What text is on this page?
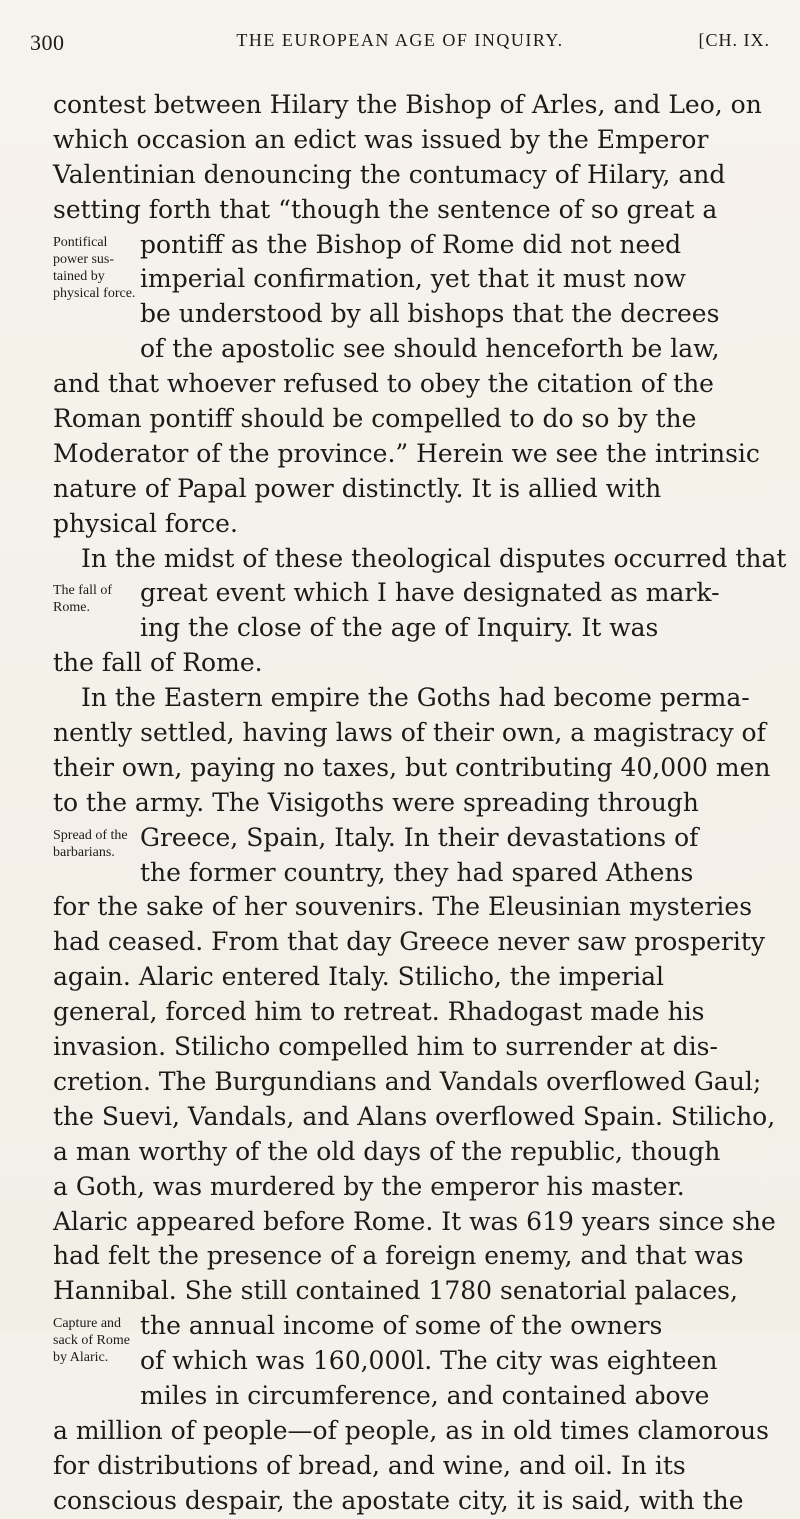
300	THE EUROPEAN AGE OF INQUIRY.	[CH. IX.
contest between Hilary the Bishop of Arles, and Leo, on
which occasion an edict was issued by the Emperor
Valentinian denouncing the contumacy of Hilary, and
setting forth that “though the sentence of so great a
Pontifical
power sus-
tained by
physical force.
pontiff as the Bishop of Rome did not need
imperial confirmation, yet that it must now
be understood by all bishops that the decrees
of the apostolic see should henceforth be law,
and that whoever refused to obey the citation of the
Roman pontiff should be compelled to do so by the
Moderator of the province.” Herein we see the intrinsic
nature of Papal power distinctly. It is allied with
physical force.
In the midst of these theological disputes occurred that
The fall of
Rome.
great event which I have designated as mark-
ing the close of the age of Inquiry. It was
the fall of Rome.
In the Eastern empire the Goths had become perma-
nently settled, having laws of their own, a magistracy of
their own, paying no taxes, but contributing 40,000 men
to the army. The Visigoths were spreading through
Spread of the
barbarians.
Greece, Spain, Italy. In their devastations of
the former country, they had spared Athens
for the sake of her souvenirs. The Eleusinian mysteries
had ceased. From that day Greece never saw prosperity
again. Alaric entered Italy. Stilicho, the imperial
general, forced him to retreat. Rhadogast made his
invasion. Stilicho compelled him to surrender at dis-
cretion. The Burgundians and Vandals overflowed Gaul;
the Suevi, Vandals, and Alans overflowed Spain. Stilicho,
a man worthy of the old days of the republic, though
a Goth, was murdered by the emperor his master.
Alaric appeared before Rome. It was 619 years since she
had felt the presence of a foreign enemy, and that was
Hannibal. She still contained 1780 senatorial palaces,
Capture and
sack of Rome
by Alaric.
the annual income of some of the owners
of which was 160,000l. The city was eighteen
miles in circumference, and contained above
a million of people—of people, as in old times clamorous
for distributions of bread, and wine, and oil. In its
conscious despair, the apostate city, it is said, with the
